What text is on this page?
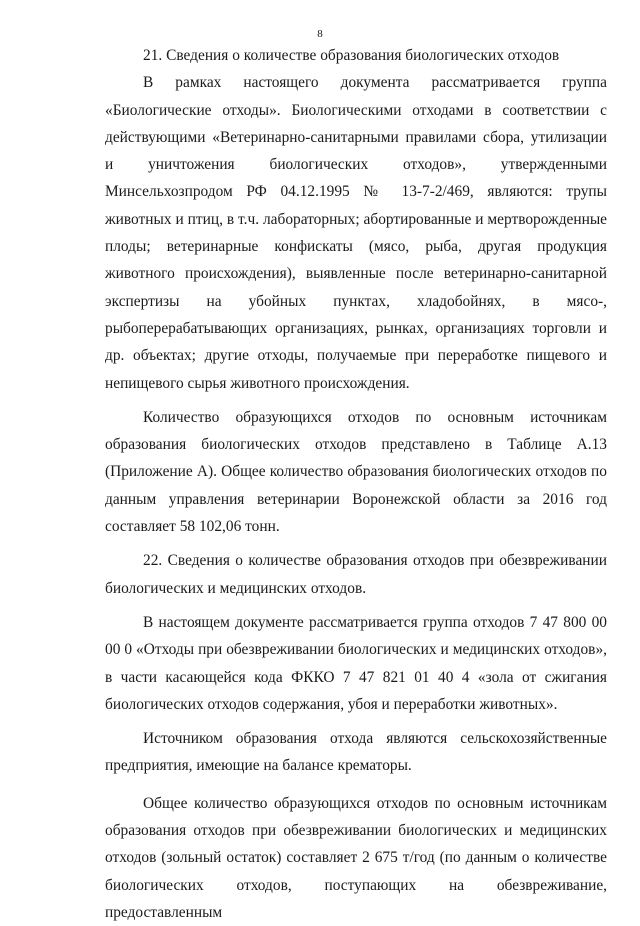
8

21. Сведения о количестве образования биологических отходов

В рамках настоящего документа рассматривается группа «Биологические отходы». Биологическими отходами в соответствии с действующими «Ветеринарно-санитарными правилами сбора, утилизации и уничтожения биологических отходов», утвержденными Минсельхозпродом РФ 04.12.1995 № 13-7-2/469, являются: трупы животных и птиц, в т.ч. лабораторных; абортированные и мертворожденные плоды; ветеринарные конфискаты (мясо, рыба, другая продукция животного происхождения), выявленные после ветеринарно-санитарной экспертизы на убойных пунктах, хладобойнях, в мясо-, рыбоперерабатывающих организациях, рынках, организациях торговли и др. объектах; другие отходы, получаемые при переработке пищевого и непищевого сырья животного происхождения.

Количество образующихся отходов по основным источникам образования биологических отходов представлено в Таблице А.13 (Приложение А). Общее количество образования биологических отходов по данным управления ветеринарии Воронежской области за 2016 год составляет 58 102,06 тонн.

22. Сведения о количестве образования отходов при обезвреживании биологических и медицинских отходов.

В настоящем документе рассматривается группа отходов 7 47 800 00 00 0 «Отходы при обезвреживании биологических и медицинских отходов», в части касающейся кода ФККО 7 47 821 01 40 4 «зола от сжигания биологических отходов содержания, убоя и переработки животных».

Источником образования отхода являются сельскохозяйственные предприятия, имеющие на балансе крематоры.

Общее количество образующихся отходов по основным источникам образования отходов при обезвреживании биологических и медицинских отходов (зольный остаток) составляет 2 675 т/год (по данным о количестве биологических отходов, поступающих на обезвреживание, предоставленным
